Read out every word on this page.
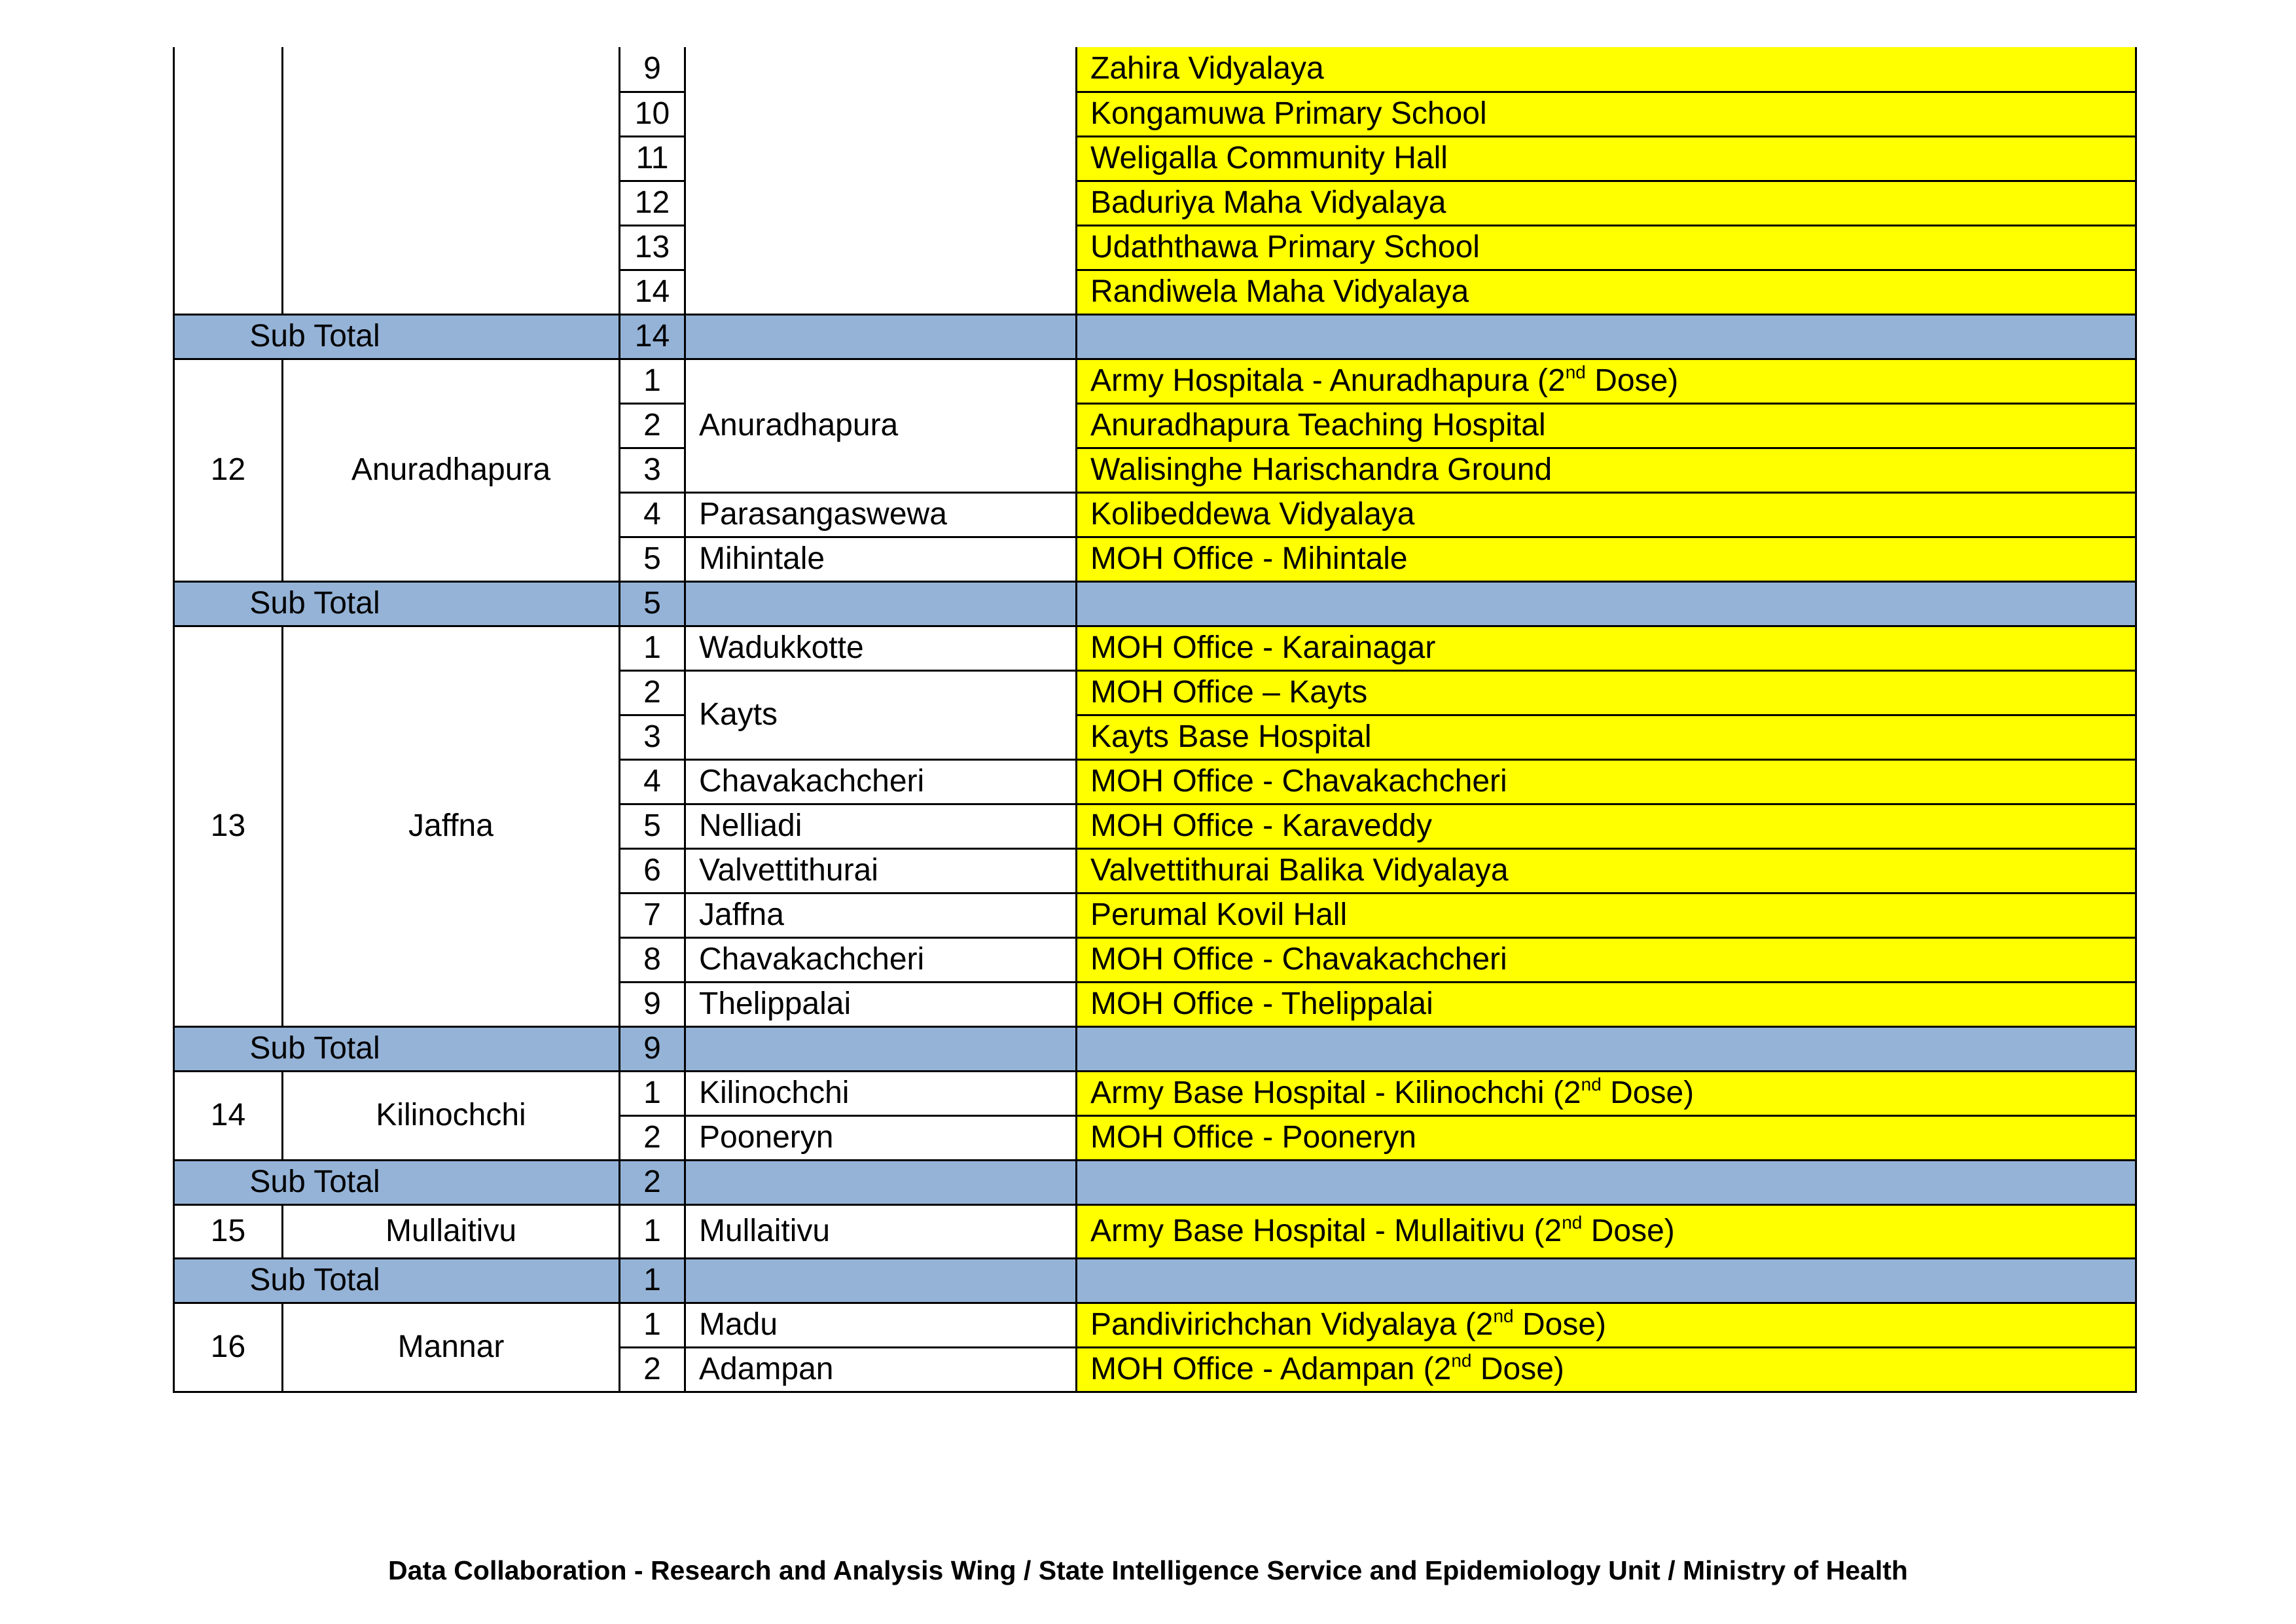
		9		Zahira Vidyalaya
		10		Kongamuwa Primary School
		11		Weligalla Community Hall
		12		Baduriya Maha Vidyalaya
		13		Udaththawa Primary School
		14		Randiwela Maha Vidyalaya
Sub Total		14		
12	Anuradhapura	1	Anuradhapura	Army Hospitala - Anuradhapura (2nd Dose)
		2		Anuradhapura Teaching Hospital
		3		Walisinghe Harischandra Ground
		4	Parasangaswewa	Kolibeddewa Vidyalaya
		5	Mihintale	MOH Office - Mihintale
Sub Total		5		
13	Jaffna	1	Wadukkotte	MOH Office - Karainagar
		2	Kayts	MOH Office – Kayts
		3		Kayts Base Hospital
		4	Chavakachcheri	MOH Office - Chavakachcheri
		5	Nelliadi	MOH Office - Karaveddy
		6	Valvettithurai	Valvettithurai Balika Vidyalaya
		7	Jaffna	Perumal Kovil Hall
		8	Chavakachcheri	MOH Office - Chavakachcheri
		9	Thelippalai	MOH Office - Thelippalai
Sub Total		9		
14	Kilinochchi	1	Kilinochchi	Army Base Hospital - Kilinochchi (2nd Dose)
		2	Pooneryn	MOH Office - Pooneryn
Sub Total		2		
15	Mullaitivu	1	Mullaitivu	Army Base Hospital - Mullaitivu (2nd Dose)
Sub Total		1		
16	Mannar	1	Madu	Pandivirichchan Vidyalaya (2nd Dose)
		2	Adampan	MOH Office - Adampan (2nd Dose)
Data Collaboration - Research and Analysis Wing / State Intelligence Service and Epidemiology Unit / Ministry of Health
